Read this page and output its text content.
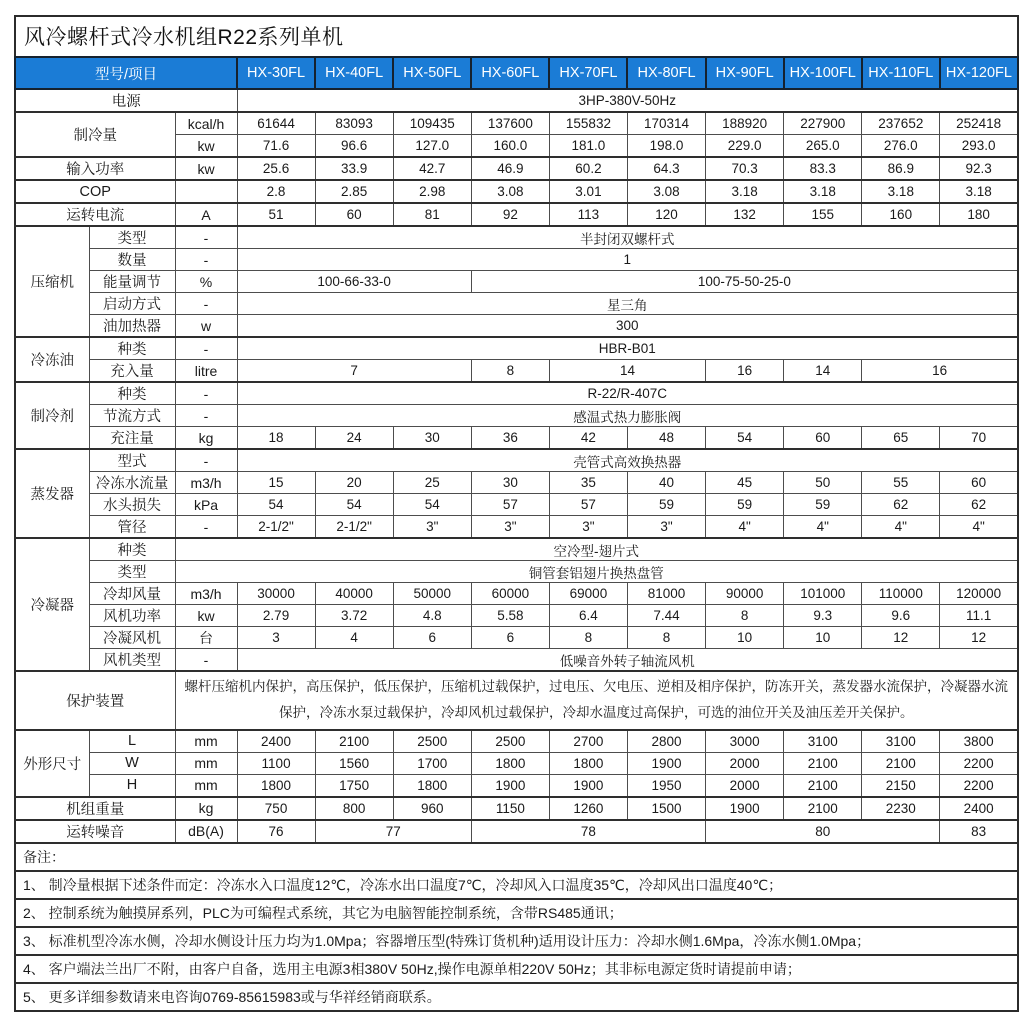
风冷螺杆式冷水机组R22系列单机
型号/项目			HX-30FL	HX-40FL	HX-50FL	HX-60FL	HX-70FL	HX-80FL	HX-90FL	HX-100FL	HX-110FL	HX-120FL
电源			3HP-380V-50Hz									
制冷量		kcal/h	61644	83093	109435	137600	155832	170314	188920	227900	237652	252418
		kw	71.6	96.6	127.0	160.0	181.0	198.0	229.0	265.0	276.0	293.0
输入功率		kw	25.6	33.9	42.7	46.9	60.2	64.3	70.3	83.3	86.9	92.3
COP			2.8	2.85	2.98	3.08	3.01	3.08	3.18	3.18	3.18	3.18
运转电流		A	51	60	81	92	113	120	132	155	160	180
压缩机	类型	-	半封闭双螺杆式									
	数量	-	1									
	能量调节	%	100-66-33-0			100-75-50-25-0						
	启动方式	-	星三角									
	油加热器	w	300									
冷冻油	种类	-	HBR-B01									
	充入量	litre	7			8	14		16	14	16	
制冷剂	种类	-	R-22/R-407C									
	节流方式	-	感温式热力膨胀阀									
	充注量	kg	18	24	30	36	42	48	54	60	65	70
蒸发器	型式	-	壳管式高效换热器									
	冷冻水流量	m3/h	15	20	25	30	35	40	45	50	55	60
	水头损失	kPa	54	54	54	57	57	59	59	59	62	62
	管径	-	2-1/2"	2-1/2"	3"	3"	3"	3"	4"	4"	4"	4"
冷凝器	种类	空冷型-翅片式										
	类型	铜管套铝翅片换热盘管										
	冷却风量	m3/h	30000	40000	50000	60000	69000	81000	90000	101000	110000	120000
	风机功率	kw	2.79	3.72	4.8	5.58	6.4	7.44	8	9.3	9.6	11.1
	冷凝风机	台	3	4	6	6	8	8	10	10	12	12
	风机类型	-	低噪音外转子轴流风机									
保护装置		螺杆压缩机内保护，高压保护，低压保护，压缩机过载保护，过电压、欠电压、逆相及相序保护，防冻开关，蒸发器水流保护，冷凝器水流保护，冷冻水泵过载保护，冷却风机过载保护，冷却水温度过高保护，可选的油位开关及油压差开关保护。										
外形尺寸	L	mm	2400	2100	2500	2500	2700	2800	3000	3100	3100	3800
	W	mm	1100	1560	1700	1800	1800	1900	2000	2100	2100	2200
	H	mm	1800	1750	1800	1900	1900	1950	2000	2100	2150	2200
机组重量		kg	750	800	960	1150	1260	1500	1900	2100	2230	2400
运转噪音		dB(A)	76	77		78			80			83
备注：												
1、 制冷量根据下述条件而定：冷冻水入口温度12℃，冷冻水出口温度7℃，冷却风入口温度35℃，冷却风出口温度40℃；												
2、 控制系统为触摸屏系列，PLC为可编程式系统，其它为电脑智能控制系统，含带RS485通讯；												
3、 标准机型冷冻水侧，冷却水侧设计压力均为1.0Mpa；容器增压型(特殊订货机种)适用设计压力：冷却水侧1.6Mpa，冷冻水侧1.0Mpa；												
4、 客户端法兰出厂不附，由客户自备，选用主电源3相380V 50Hz,操作电源单相220V 50Hz；其非标电源定货时请提前申请；												
5、 更多详细参数请来电咨询0769-85615983或与华祥经销商联系。												
